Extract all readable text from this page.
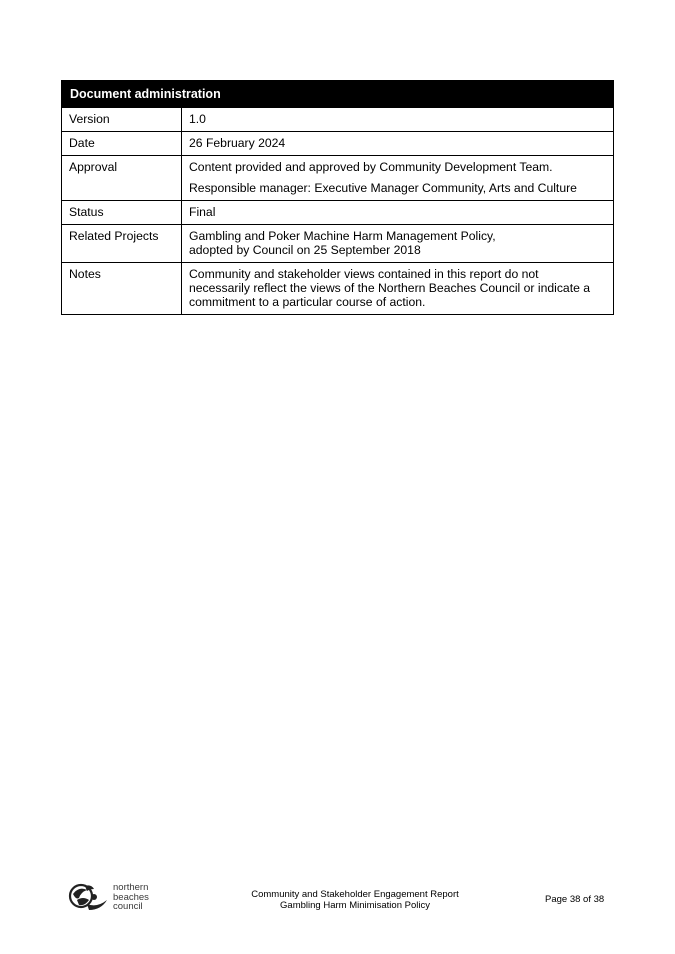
Document administration	
Version	1.0

Date	26 February 2024

Approval	Content provided and approved by Community Development Team.
Responsible manager: Executive Manager Community, Arts and Culture

Status	Final

Related Projects	Gambling and Poker Machine Harm Management Policy,
adopted by Council on 25 September 2018

Notes	Community and stakeholder views contained in this report do not
necessarily reflect the views of the Northern Beaches Council or indicate a
commitment to a particular course of action.
northern
beaches
council
Community and Stakeholder Engagement Report
Gambling Harm Minimisation Policy
Page 38 of 38
